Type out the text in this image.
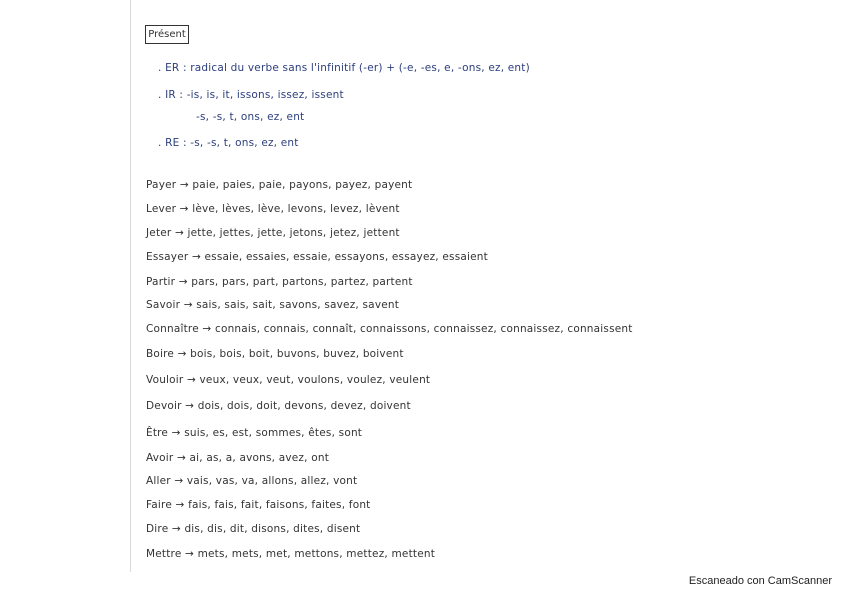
Présent
. ER : radical du verbe sans l'infinitif (-er) + (-e, -es, e, -ons, ez, ent)
. IR : -is, is, it, issons, issez, issent
-s, -s, t, ons, ez, ent
. RE : -s, -s, t, ons, ez, ent
Payer → paie, paies, paie, payons, payez, payent
Lever → lève, lèves, lève, levons, levez, lèvent
Jeter → jette, jettes, jette, jetons, jetez, jettent
Essayer → essaie, essaies, essaie, essayons, essayez, essaient
Partir → pars, pars, part, partons, partez, partent
Savoir → sais, sais, sait, savons, savez, savent
Connaître → connais, connais, connaît, connaissons, connaissez, connaissez, connaissent
Boire → bois, bois, boit, buvons, buvez, boivent
Vouloir → veux, veux, veut, voulons, voulez, veulent
Devoir → dois, dois, doit, devons, devez, doivent
Être → suis, es, est, sommes, êtes, sont
Avoir → ai, as, a, avons, avez, ont
Aller → vais, vas, va, allons, allez, vont
Faire → fais, fais, fait, faisons, faites, font
Dire → dis, dis, dit, disons, dites, disent
Mettre → mets, mets, met, mettons, mettez, mettent
Escaneado con CamScanner
